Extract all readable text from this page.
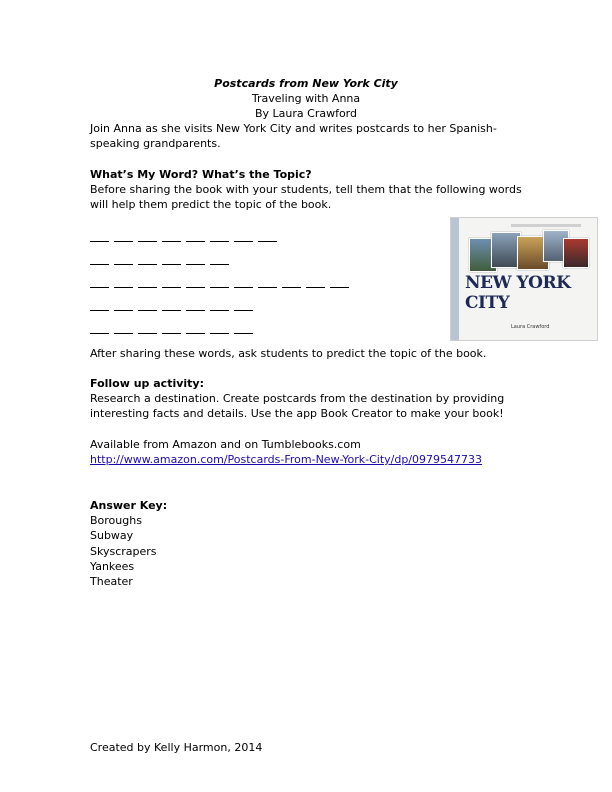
Postcards from New York City
Traveling with Anna
By Laura Crawford
Join Anna as she visits New York City and writes postcards to her Spanish-speaking grandparents.
What’s My Word? What’s the Topic?
Before sharing the book with your students, tell them that the following words will help them predict the topic of the book.
NEW YORK CITY
Laura Crawford
After sharing these words, ask students to predict the topic of the book.
Follow up activity:
Research a destination. Create postcards from the destination by providing interesting facts and details. Use the app Book Creator to make your book!
Available from Amazon and on Tumblebooks.com
http://www.amazon.com/Postcards-From-New-York-City/dp/0979547733
Answer Key:
Boroughs
Subway
Skyscrapers
Yankees
Theater
Created by Kelly Harmon, 2014
